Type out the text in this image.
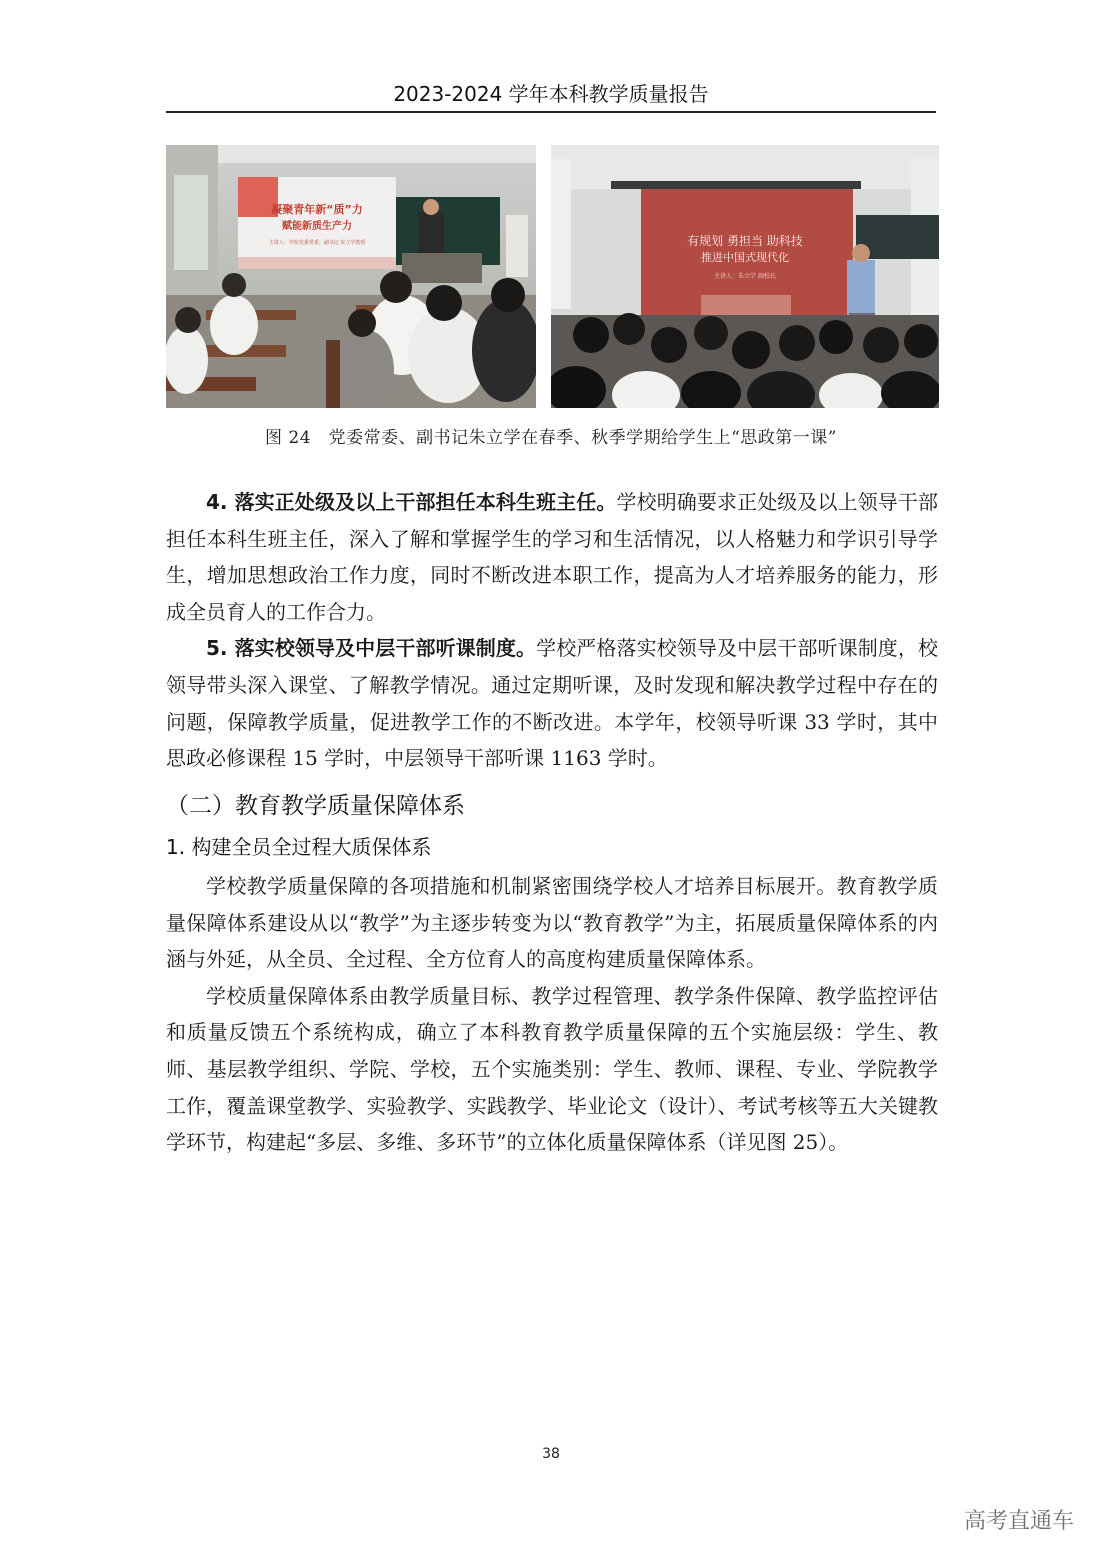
2023-2024 学年本科教学质量报告
凝聚青年新“质”力
赋能新质生产力
主讲人：学校党委常委、副书记 朱立学教授	有规划 勇担当 助科技
推进中国式现代化
主讲人：朱立学 副校长
图 24　党委常委、副书记朱立学在春季、秋季学期给学生上“思政第一课”

4. 落实正处级及以上干部担任本科生班主任。学校明确要求正处级及以上领导干部担任本科生班主任，深入了解和掌握学生的学习和生活情况，以人格魅力和学识引导学生，增加思想政治工作力度，同时不断改进本职工作，提高为人才培养服务的能力，形成全员育人的工作合力。

5. 落实校领导及中层干部听课制度。学校严格落实校领导及中层干部听课制度，校领导带头深入课堂、了解教学情况。通过定期听课，及时发现和解决教学过程中存在的问题，保障教学质量，促进教学工作的不断改进。本学年，校领导听课 33 学时，其中思政必修课程 15 学时，中层领导干部听课 1163 学时。

（二）教育教学质量保障体系
1. 构建全员全过程大质保体系

学校教学质量保障的各项措施和机制紧密围绕学校人才培养目标展开。教育教学质量保障体系建设从以“教学”为主逐步转变为以“教育教学”为主，拓展质量保障体系的内涵与外延，从全员、全过程、全方位育人的高度构建质量保障体系。

学校质量保障体系由教学质量目标、教学过程管理、教学条件保障、教学监控评估和质量反馈五个系统构成，确立了本科教育教学质量保障的五个实施层级：学生、教师、基层教学组织、学院、学校，五个实施类别：学生、教师、课程、专业、学院教学工作，覆盖课堂教学、实验教学、实践教学、毕业论文（设计）、考试考核等五大关键教学环节，构建起“多层、多维、多环节”的立体化质量保障体系（详见图 25）。

38
高考直通车
